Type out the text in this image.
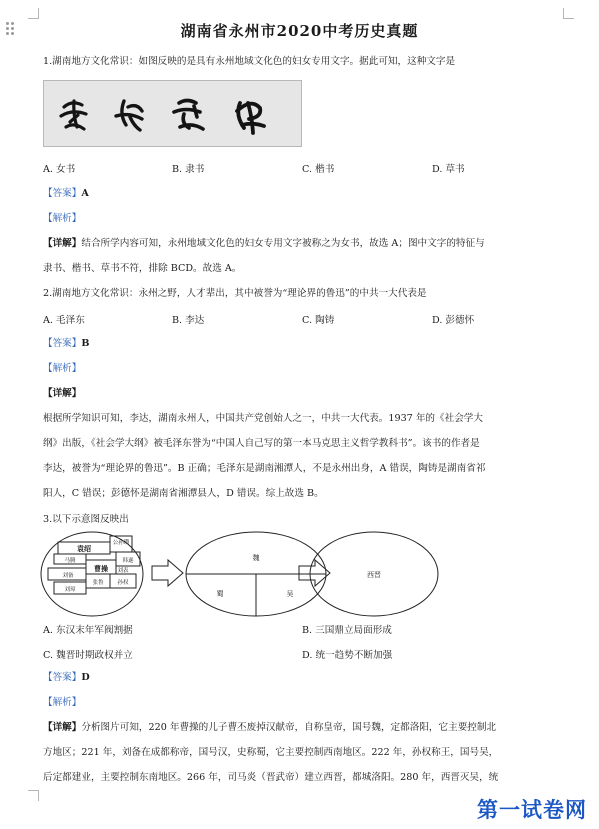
湖南省永州市2020中考历史真题
1.湖南地方文化常识：如图反映的是具有永州地域文化色的妇女专用文字。据此可知，这种文字是
A. 女书	B. 隶书	C. 楷书	D. 草书
【答案】A
【解析】
【详解】结合所学内容可知，永州地域文化色的妇女专用文字被称之为女书，故选 A；图中文字的特征与
隶书、楷书、草书不符，排除 BCD。故选 A。
2.湖南地方文化常识：永州之野，人才辈出，其中被誉为“理论界的鲁迅”的中共一大代表是
A. 毛泽东	B. 李达	C. 陶铸	D. 彭德怀
【答案】B
【解析】
【详解】
根据所学知识可知，李达，湖南永州人，中国共产党创始人之一，中共一大代表。1937 年的《社会学大
纲》出版，《社会学大纲》被毛泽东誉为“中国人自己写的第一本马克思主义哲学教科书”。该书的作者是
李达，被誉为“理论界的鲁迅”。B 正确；毛泽东是湖南湘潭人，不是永州出身，A 错误，陶铸是湖南省祁
阳人，C 错误；彭德怀是湖南省湘潭县人，D 错误。综上故选 B。
3.以下示意图反映出
公孙瓒
袁绍
曹操
刘备
孙权
马腾	韩遂
张鲁
刘璋
刘表
魏
蜀	吴
西晋
A. 东汉末年军阀割据	B. 三国鼎立局面形成
C. 魏晋时期政权并立	D. 统一趋势不断加强
【答案】D
【解析】
【详解】分析图片可知，220 年曹操的儿子曹丕废掉汉献帝，自称皇帝，国号魏，定都洛阳，它主要控制北
方地区；221 年，刘备在成都称帝，国号汉，史称蜀，它主要控制西南地区。222 年，孙权称王，国号吴，
后定都建业，主要控制东南地区。266 年，司马炎（晋武帝）建立西晋，都城洛阳。280 年，西晋灭吴，统
第一试卷网
